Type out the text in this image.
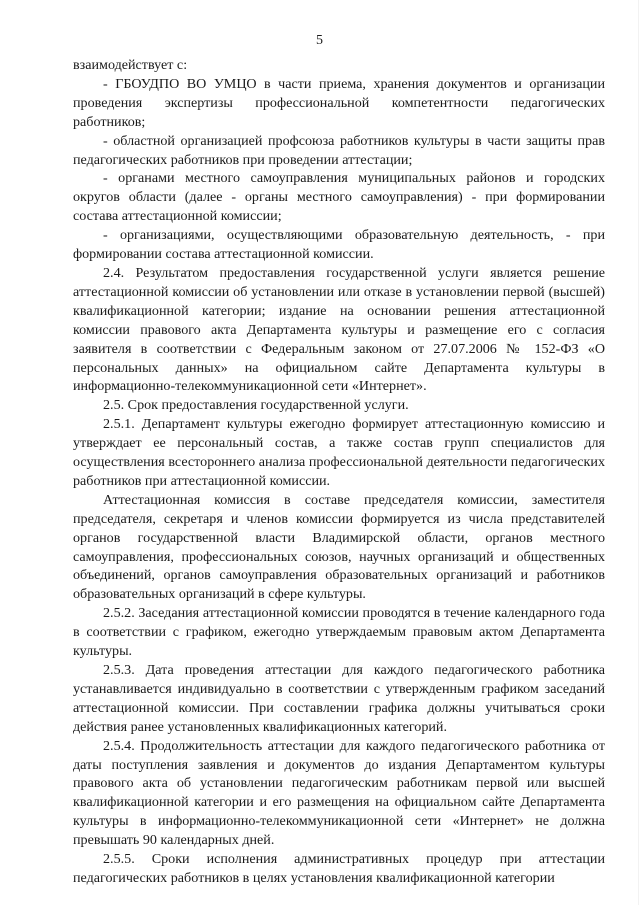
5

взаимодействует с:

- ГБОУДПО ВО УМЦО в части приема, хранения документов и организации проведения экспертизы профессиональной компетентности педагогических работников;

- областной организацией профсоюза работников культуры в части защиты прав педагогических работников при проведении аттестации;

- органами местного самоуправления муниципальных районов и городских округов области (далее - органы местного самоуправления) - при формировании состава аттестационной комиссии;

- организациями, осуществляющими образовательную деятельность, - при формировании состава аттестационной комиссии.

2.4. Результатом предоставления государственной услуги является решение аттестационной комиссии об установлении или отказе в установлении первой (высшей) квалификационной категории; издание на основании решения аттестационной комиссии правового акта Департамента культуры и размещение его с согласия заявителя в соответствии с Федеральным законом от 27.07.2006 № 152-ФЗ «О персональных данных» на официальном сайте Департамента культуры в информационно-телекоммуникационной сети «Интернет».

2.5. Срок предоставления государственной услуги.

2.5.1. Департамент культуры ежегодно формирует аттестационную комиссию и утверждает ее персональный состав, а также состав групп специалистов для осуществления всестороннего анализа профессиональной деятельности педагогических работников при аттестационной комиссии.

Аттестационная комиссия в составе председателя комиссии, заместителя председателя, секретаря и членов комиссии формируется из числа представителей органов государственной власти Владимирской области, органов местного самоуправления, профессиональных союзов, научных организаций и общественных объединений, органов самоуправления образовательных организаций и работников образовательных организаций в сфере культуры.

2.5.2. Заседания аттестационной комиссии проводятся в течение календарного года в соответствии с графиком, ежегодно утверждаемым правовым актом Департамента культуры.

2.5.3. Дата проведения аттестации для каждого педагогического работника устанавливается индивидуально в соответствии с утвержденным графиком заседаний аттестационной комиссии. При составлении графика должны учитываться сроки действия ранее установленных квалификационных категорий.

2.5.4. Продолжительность аттестации для каждого педагогического работника от даты поступления заявления и документов до издания Департаментом культуры правового акта об установлении педагогическим работникам первой или высшей квалификационной категории и его размещения на официальном сайте Департамента культуры в информационно-телекоммуникационной сети «Интернет» не должна превышать 90 календарных дней.

2.5.5. Сроки исполнения административных процедур при аттестации педагогических работников в целях установления квалификационной категории
